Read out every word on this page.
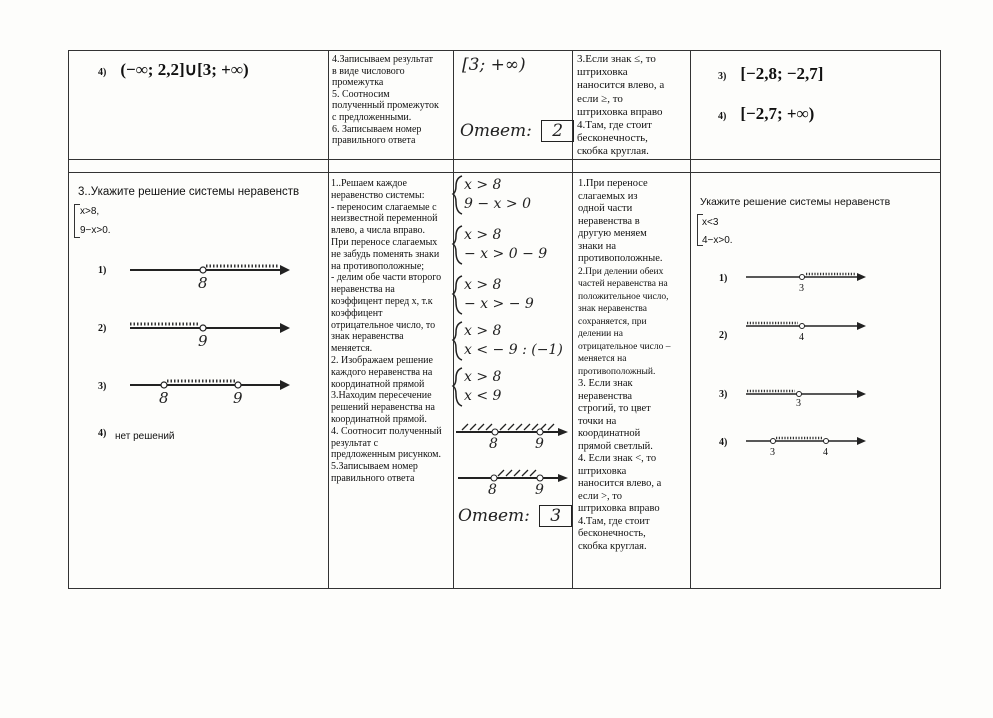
4) (−∞; 2,2]∪[3; +∞)
4.Записываем результат
в виде числового
промежутка
5. Соотносим
полученный промежуток
с предложенными.
6. Записываем номер
правильного ответа
[3; +∞)
Ответ: 2
3.Если знак ≤, то
штриховка
наносится влево, а
если ≥, то
штриховка вправо
4.Там, где стоит
бесконечность,
скобка круглая.
3) [−2,8; −2,7]
4) [−2,7; +∞)
3..Укажите решение системы неравенств
x>8,
9−x>0.
1)
2)
3)
4) нет решений
8
9
8	9
1..Решаем каждое
неравенство системы:
- переносим слагаемые с
неизвестной переменной
влево, а числа вправо.
При переносе слагаемых
не забудь поменять знаки
на противоположные;
- делим обе части второго
неравенства на
коэффицент перед х, т.к
коэффицент
отрицательное число, то
знак неравенства
меняется.
2. Изображаем решение
каждого неравенства на
координатной прямой
3.Находим пересечение
решений неравенства на
координатной прямой.
4. Соотносит полученный
результат с
предложенным рисунком.
5.Записываем номер
правильного ответа
x > 8
9 − x > 0
x > 8
− x > 0 − 9
x > 8
− x > − 9
x > 8
x < − 9 : (−1)
x > 8
x < 9
8	9
8	9
Ответ: 3
1.При переносе
слагаемых из
одной части
неравенства в
другую меняем
знаки на
противоположные.
2.При делении обеих
частей неравенства на
положительное число,
знак неравенства
сохраняется, при
делении на
отрицательное число –
меняется на
противоположный.
3. Если знак
неравенства
строгий, то цвет
точки на
координатной
прямой светлый.
4. Если знак <, то
штриховка
наносится влево, а
если >, то
штриховка вправо
4.Там, где стоит
бесконечность,
скобка круглая.
Укажите решение системы неравенств
x<3
4−x>0.
1)
2)
3)
4)
3
4
3
3	4
